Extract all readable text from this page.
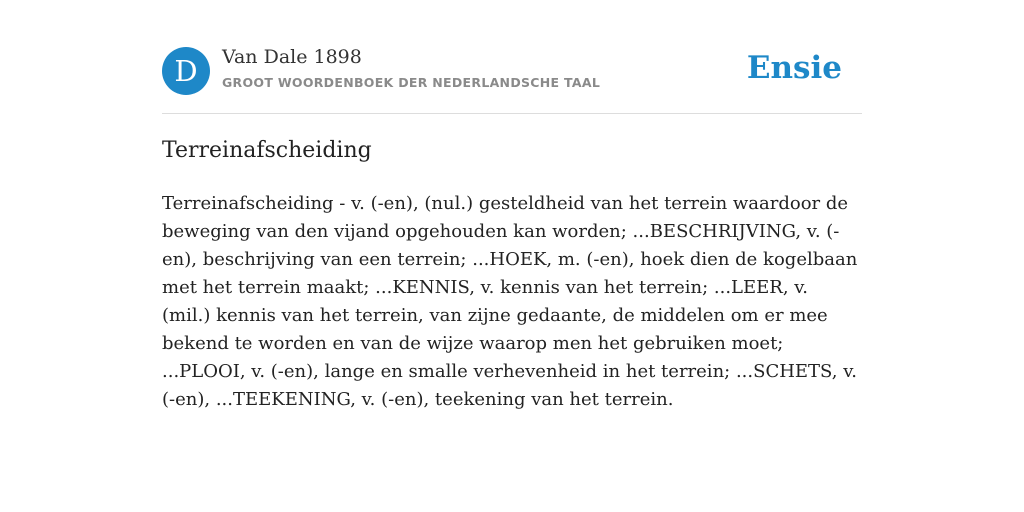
D	Van Dale 1898
GROOT WOORDENBOEK DER NEDERLANDSCHE TAAL	Ensie
Terreinafscheiding

Terreinafscheiding - v. (-en), (nul.) gesteldheid van het terrein waardoor de beweging van den vijand opgehouden kan worden; ...BESCHRIJVING, v. (-en), beschrijving van een terrein; ...HOEK, m. (-en), hoek dien de kogelbaan met het terrein maakt; ...KENNIS, v. kennis van het terrein; ...LEER, v. (mil.) kennis van het terrein, van zijne gedaante, de middelen om er mee bekend te worden en van de wijze waarop men het gebruiken moet; ...PLOOI, v. (-en), lange en smalle verhevenheid in het terrein; ...SCHETS, v. (-en), ...TEEKENING, v. (-en), teekening van het terrein.
